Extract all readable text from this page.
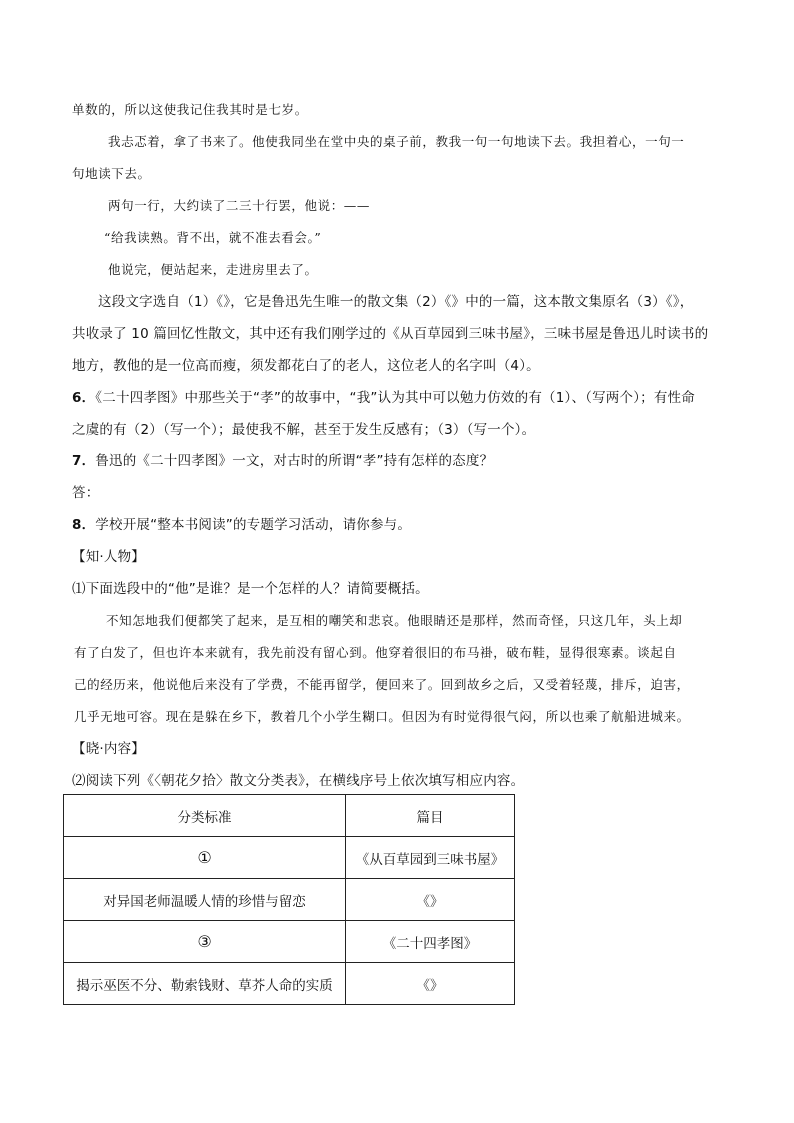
单数的，所以这使我记住我其时是七岁。
我忐忑着，拿了书来了。他使我同坐在堂中央的桌子前，教我一句一句地读下去。我担着心，一句一
句地读下去。
两句一行，大约读了二三十行罢，他说：——
“给我读熟。背不出，就不准去看会。”
他说完，便站起来，走进房里去了。
这段文字选自（1）《》，它是鲁迅先生唯一的散文集（2）《》中的一篇，这本散文集原名（3）《》，
共收录了 10 篇回忆性散文，其中还有我们刚学过的《从百草园到三味书屋》，三味书屋是鲁迅儿时读书的
地方，教他的是一位高而瘦，须发都花白了的老人，这位老人的名字叫（4）。
6．《二十四孝图》中那些关于“孝”的故事中，“我”认为其中可以勉力仿效的有（1）、（写两个）；有性命
之虞的有（2）（写一个）；最使我不解，甚至于发生反感有；（3）（写一个）。
7．鲁迅的《二十四孝图》一文，对古时的所谓“孝”持有怎样的态度？
答：
8．学校开展“整本书阅读”的专题学习活动，请你参与。
【知·人物】
⑴下面选段中的“他”是谁？是一个怎样的人？请简要概括。
不知怎地我们便都笑了起来，是互相的嘲笑和悲哀。他眼睛还是那样，然而奇怪，只这几年，头上却
有了白发了，但也许本来就有，我先前没有留心到。他穿着很旧的布马褂，破布鞋，显得很寒素。谈起自
己的经历来，他说他后来没有了学费，不能再留学，便回来了。回到故乡之后，又受着轻蔑，排斥，迫害，
几乎无地可容。现在是躲在乡下，教着几个小学生糊口。但因为有时觉得很气闷，所以也乘了航船进城来。
【晓·内容】
⑵阅读下列《〈朝花夕拾〉散文分类表》，在横线序号上依次填写相应内容。
分类标准	篇目
①	《从百草园到三味书屋》
对异国老师温暖人情的珍惜与留恋	《》
③	《二十四孝图》
揭示巫医不分、勒索钱财、草芥人命的实质	《》
